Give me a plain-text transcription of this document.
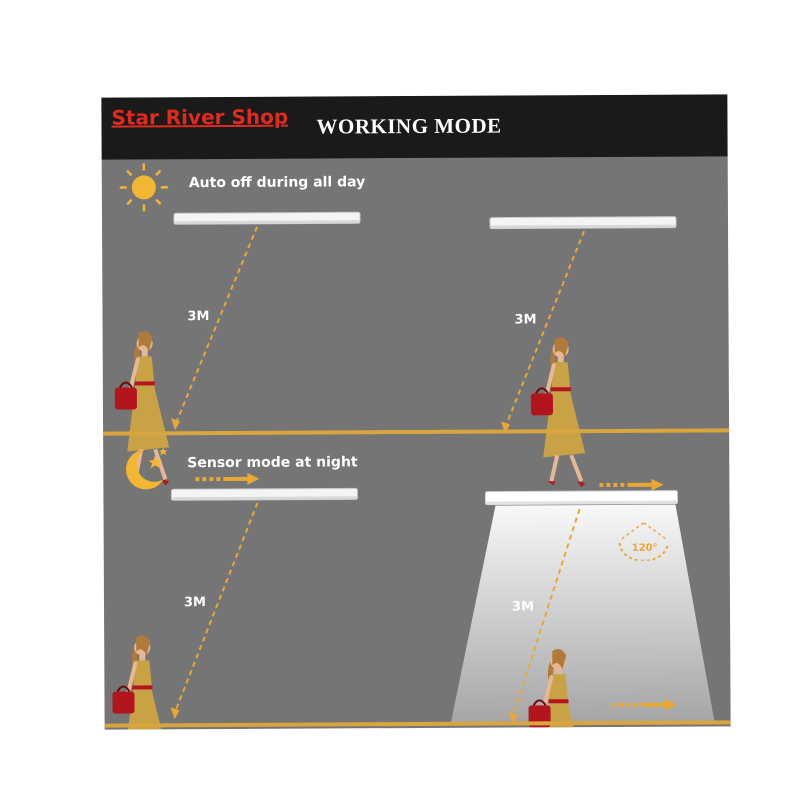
Star River Shop WORKING MODE
Auto off during all day
3M	3M
Sensor mode at night
3M
120°
3M
